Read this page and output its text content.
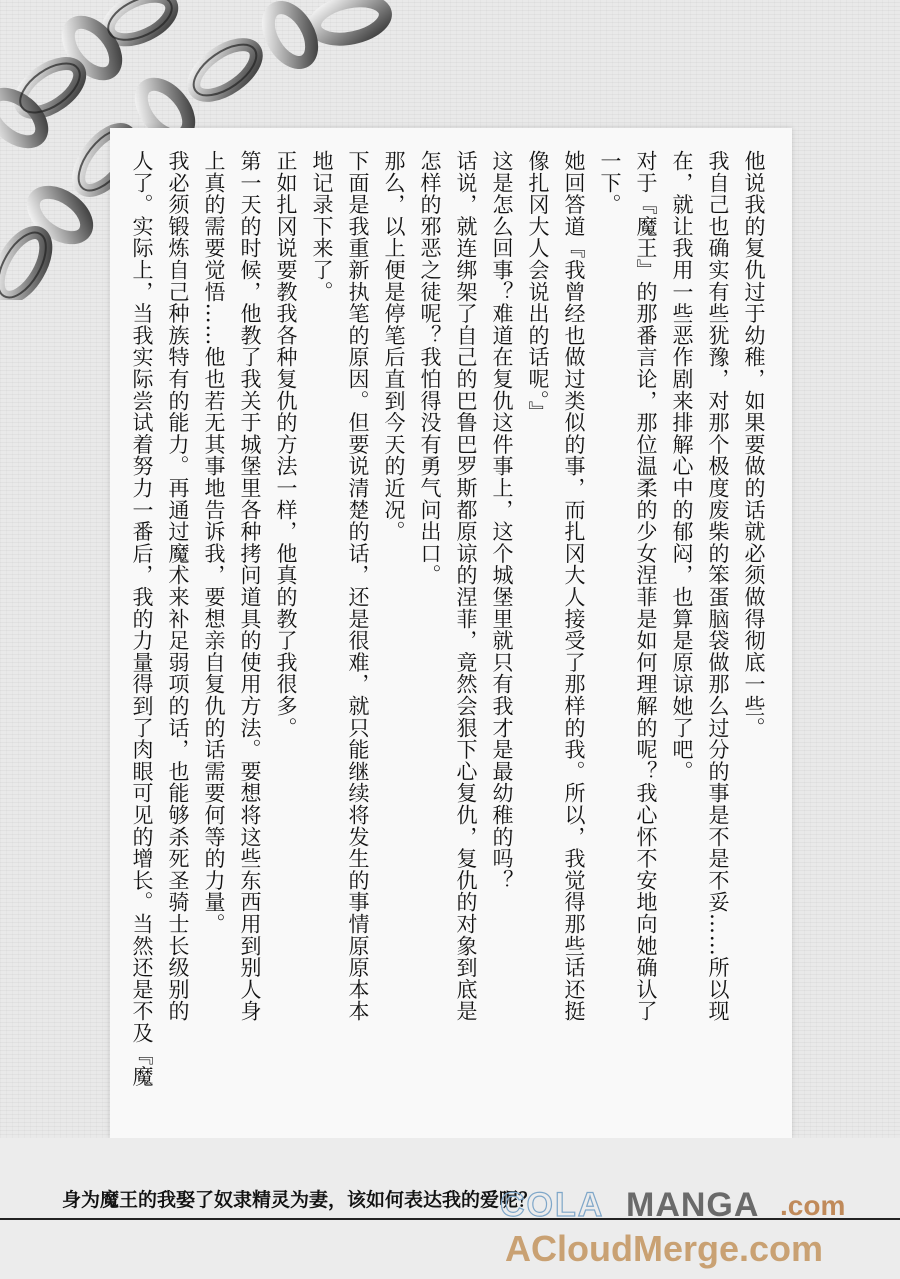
他说我的复仇过于幼稚，如果要做的话就必须做得彻底一些。
我自己也确实有些犹豫，对那个极度废柴的笨蛋脑袋做那么过分的事是不是不妥……所以现
在，就让我用一些恶作剧来排解心中的郁闷，也算是原谅她了吧。
对于『魔王』的那番言论，那位温柔的少女涅菲是如何理解的呢？我心怀不安地向她确认了
一下。
她回答道『我曾经也做过类似的事，而扎冈大人接受了那样的我。所以，我觉得那些话还挺
像扎冈大人会说出的话呢。』
这是怎么回事？难道在复仇这件事上，这个城堡里就只有我才是最幼稚的吗？
话说，就连绑架了自己的巴鲁巴罗斯都原谅的涅菲，竟然会狠下心复仇，复仇的对象到底是
怎样的邪恶之徒呢？我怕得没有勇气问出口。
那么，以上便是停笔后直到今天的近况。
下面是我重新执笔的原因。但要说清楚的话，还是很难，就只能继续将发生的事情原原本本
地记录下来了。
正如扎冈说要教我各种复仇的方法一样，他真的教了我很多。
第一天的时候，他教了我关于城堡里各种拷问道具的使用方法。要想将这些东西用到别人身
上真的需要觉悟……他也若无其事地告诉我，要想亲自复仇的话需要何等的力量。
我必须锻炼自己种族特有的能力。再通过魔术来补足弱项的话，也能够杀死圣骑士长级别的
人了。实际上，当我实际尝试着努力一番后，我的力量得到了肉眼可见的增长。当然还是不及『魔
身为魔王的我娶了奴隶精灵为妻，该如何表达我的爱呢？
COLA MANGA .com
ACloudMerge.com
